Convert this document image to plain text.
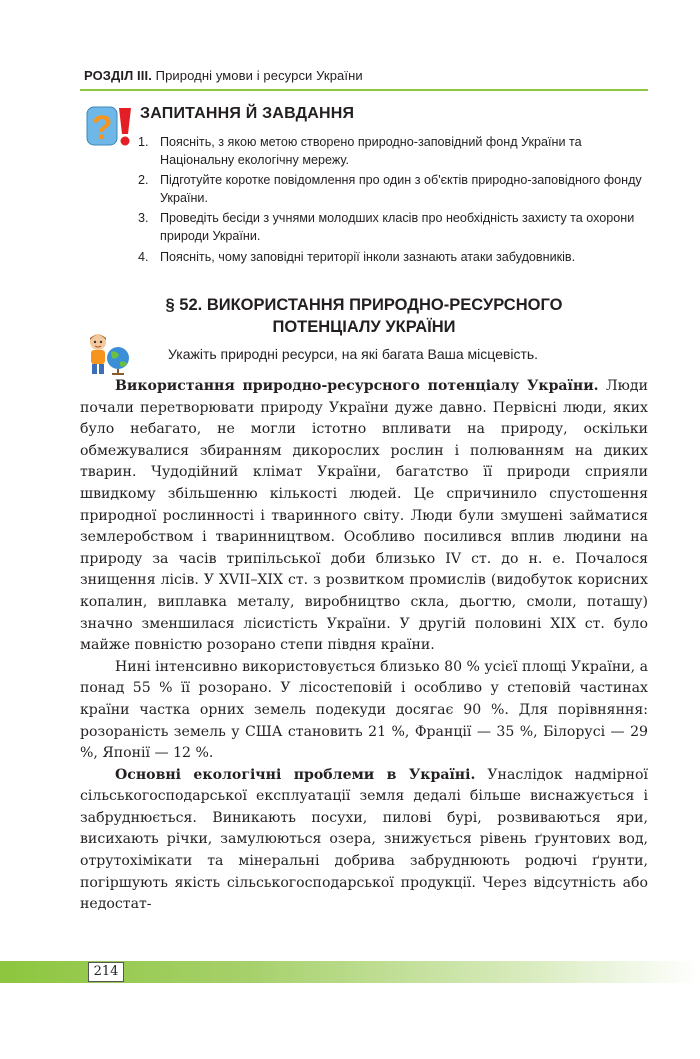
РОЗДІЛ ІІІ. Природні умови і ресурси України
? ЗАПИТАННЯ Й ЗАВДАННЯ
1. Поясніть, з якою метою створено природно-заповідний фонд України та Національну екологічну мережу.
2. Підготуйте коротке повідомлення про один з об'єктів природно-заповідного фонду України.
3. Проведіть бесіди з учнями молодших класів про необхідність захисту та охорони природи України.
4. Поясніть, чому заповідні території інколи зазнають атаки забудовників.
§ 52. ВИКОРИСТАННЯ ПРИРОДНО-РЕСУРСНОГО
ПОТЕНЦІАЛУ УКРАЇНИ
Укажіть природні ресурси, на які багата Ваша місцевість.

Використання природно-ресурсного потенціалу України. Люди почали перетворювати природу України дуже давно. Первісні люди, яких було небагато, не могли істотно впливати на природу, оскільки обмежувалися збиранням дикорослих рослин і полюванням на диких тварин. Чудодійний клімат України, багатство її природи сприяли швидкому збільшенню кількості людей. Це спричинило спустошення природної рослинності і тваринного світу. Люди були змушені займатися землеробством і тваринництвом. Особливо посилився вплив людини на природу за часів трипільської доби близько IV ст. до н. е. Почалося знищення лісів. У XVII–XIX ст. з розвитком промислів (видобуток корисних копалин, виплавка металу, виробництво скла, дьогтю, смоли, поташу) значно зменшилася лісистість України. У другій половині XIX ст. було майже повністю розорано степи півдня країни.

Нині інтенсивно використовується близько 80 % усієї площі України, а понад 55 % її розорано. У лісостеповій і особливо у степовій частинах країни частка орних земель подекуди досягає 90 %. Для порівняння: розораність земель у США становить 21 %, Франції — 35 %, Білорусі — 29 %, Японії — 12 %.

Основні екологічні проблеми в Україні. Унаслідок надмірної сільськогосподарської експлуатації земля дедалі більше виснажується і забруднюється. Виникають посухи, пилові бурі, розвиваються яри, висихають річки, замулюються озера, знижується рівень ґрунтових вод, отрутохімікати та мінеральні добрива забруднюють родючі ґрунти, погіршують якість сільськогосподарської продукції. Через відсутність або недостат-

214
